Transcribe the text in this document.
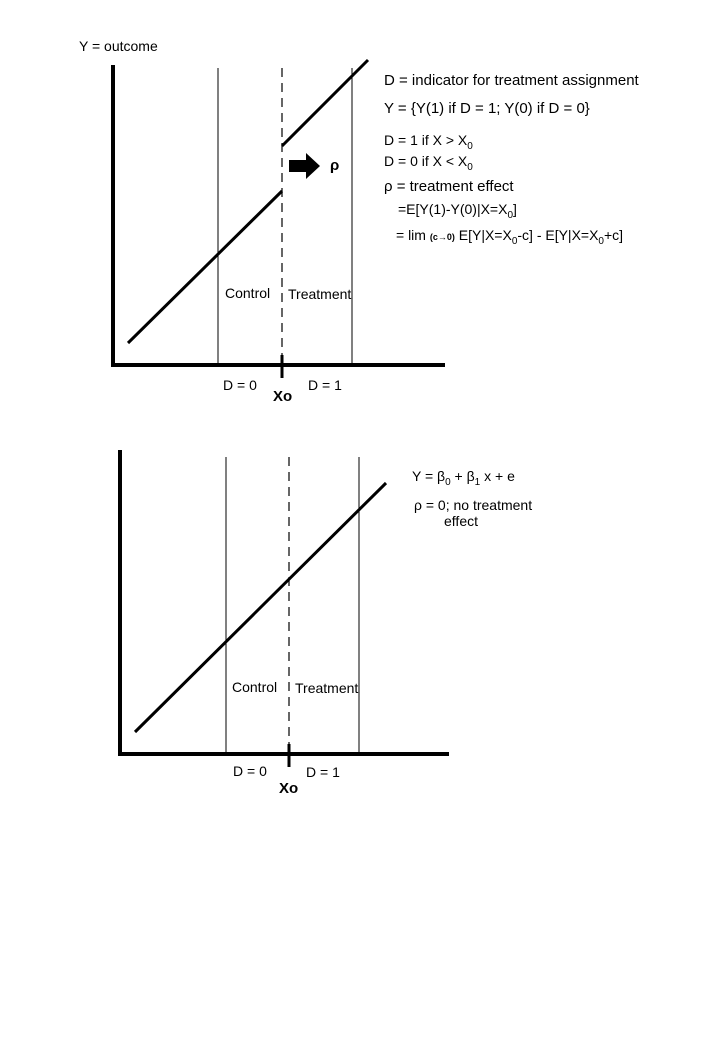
Y = outcome
ρ
Control Treatment
D = 0	D = 1
Xo
D = indicator for treatment assignment
Y = {Y(1) if D = 1; Y(0) if D = 0}
D = 1 if $X > X_0$
D = 0 if $X < X_0$
ρ = treatment effect
$=E[Y(1)-Y(0)|X=X_0]$
= lim (c→0) $E[Y|X=X_0-c] - E[Y|X=X_0+c]$
Control Treatment
D = 0	D = 1
Xo
$Y = \beta_0 + \beta_1$ x + e
ρ = 0; no treatment
effect
